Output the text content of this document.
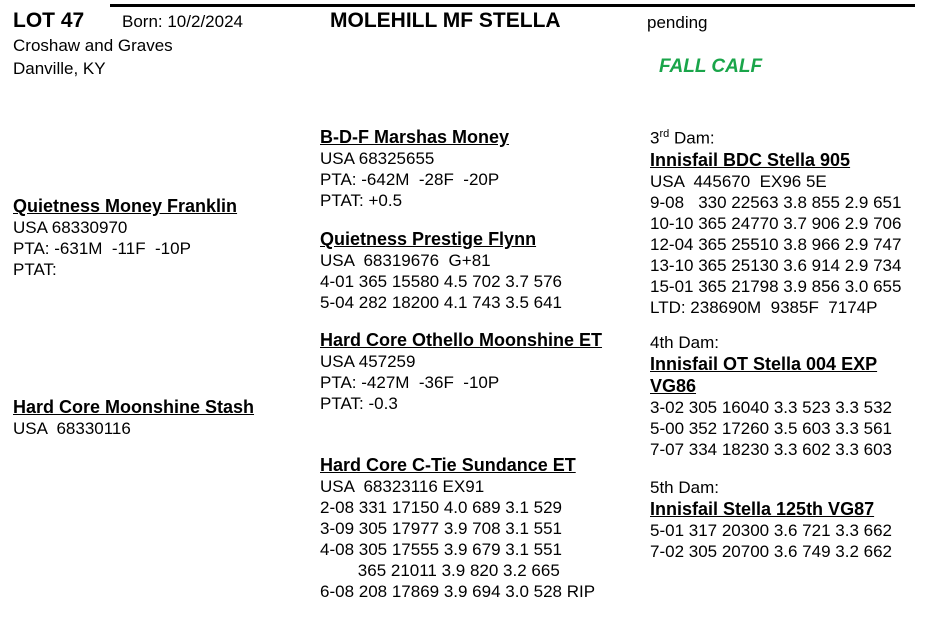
LOT 47 Born: 10/2/2024	MOLEHILL MF STELLA	pending
Croshaw and Graves
Danville, KY	FALL CALF
Quietness Money Franklin
USA 68330970
PTA: -631M  -11F  -10P
PTAT:
Hard Core Moonshine Stash
USA  68330116
B-D-F Marshas Money
USA 68325655
PTA: -642M  -28F  -20P
PTAT: +0.5
Quietness Prestige Flynn
USA  68319676  G+81
4-01 365 15580 4.5 702 3.7 576
5-04 282 18200 4.1 743 3.5 641
Hard Core Othello Moonshine ET
USA 457259
PTA: -427M  -36F  -10P
PTAT: -0.3
Hard Core C-Tie Sundance ET
USA  68323116 EX91
2-08 331 17150 4.0 689 3.1 529
3-09 305 17977 3.9 708 3.1 551
4-08 305 17555 3.9 679 3.1 551
365 21011 3.9 820 3.2 665
6-08 208 17869 3.9 694 3.0 528 RIP
3rd Dam:
Innisfail BDC Stella 905
USA  445670  EX96 5E
9-08   330 22563 3.8 855 2.9 651
10-10 365 24770 3.7 906 2.9 706
12-04 365 25510 3.8 966 2.9 747
13-10 365 25130 3.6 914 2.9 734
15-01 365 21798 3.9 856 3.0 655
LTD: 238690M  9385F  7174P
4th Dam:
Innisfail OT Stella 004 EXP VG86
3-02 305 16040 3.3 523 3.3 532
5-00 352 17260 3.5 603 3.3 561
7-07 334 18230 3.3 602 3.3 603
5th Dam:
Innisfail Stella 125th VG87
5-01 317 20300 3.6 721 3.3 662
7-02 305 20700 3.6 749 3.2 662
